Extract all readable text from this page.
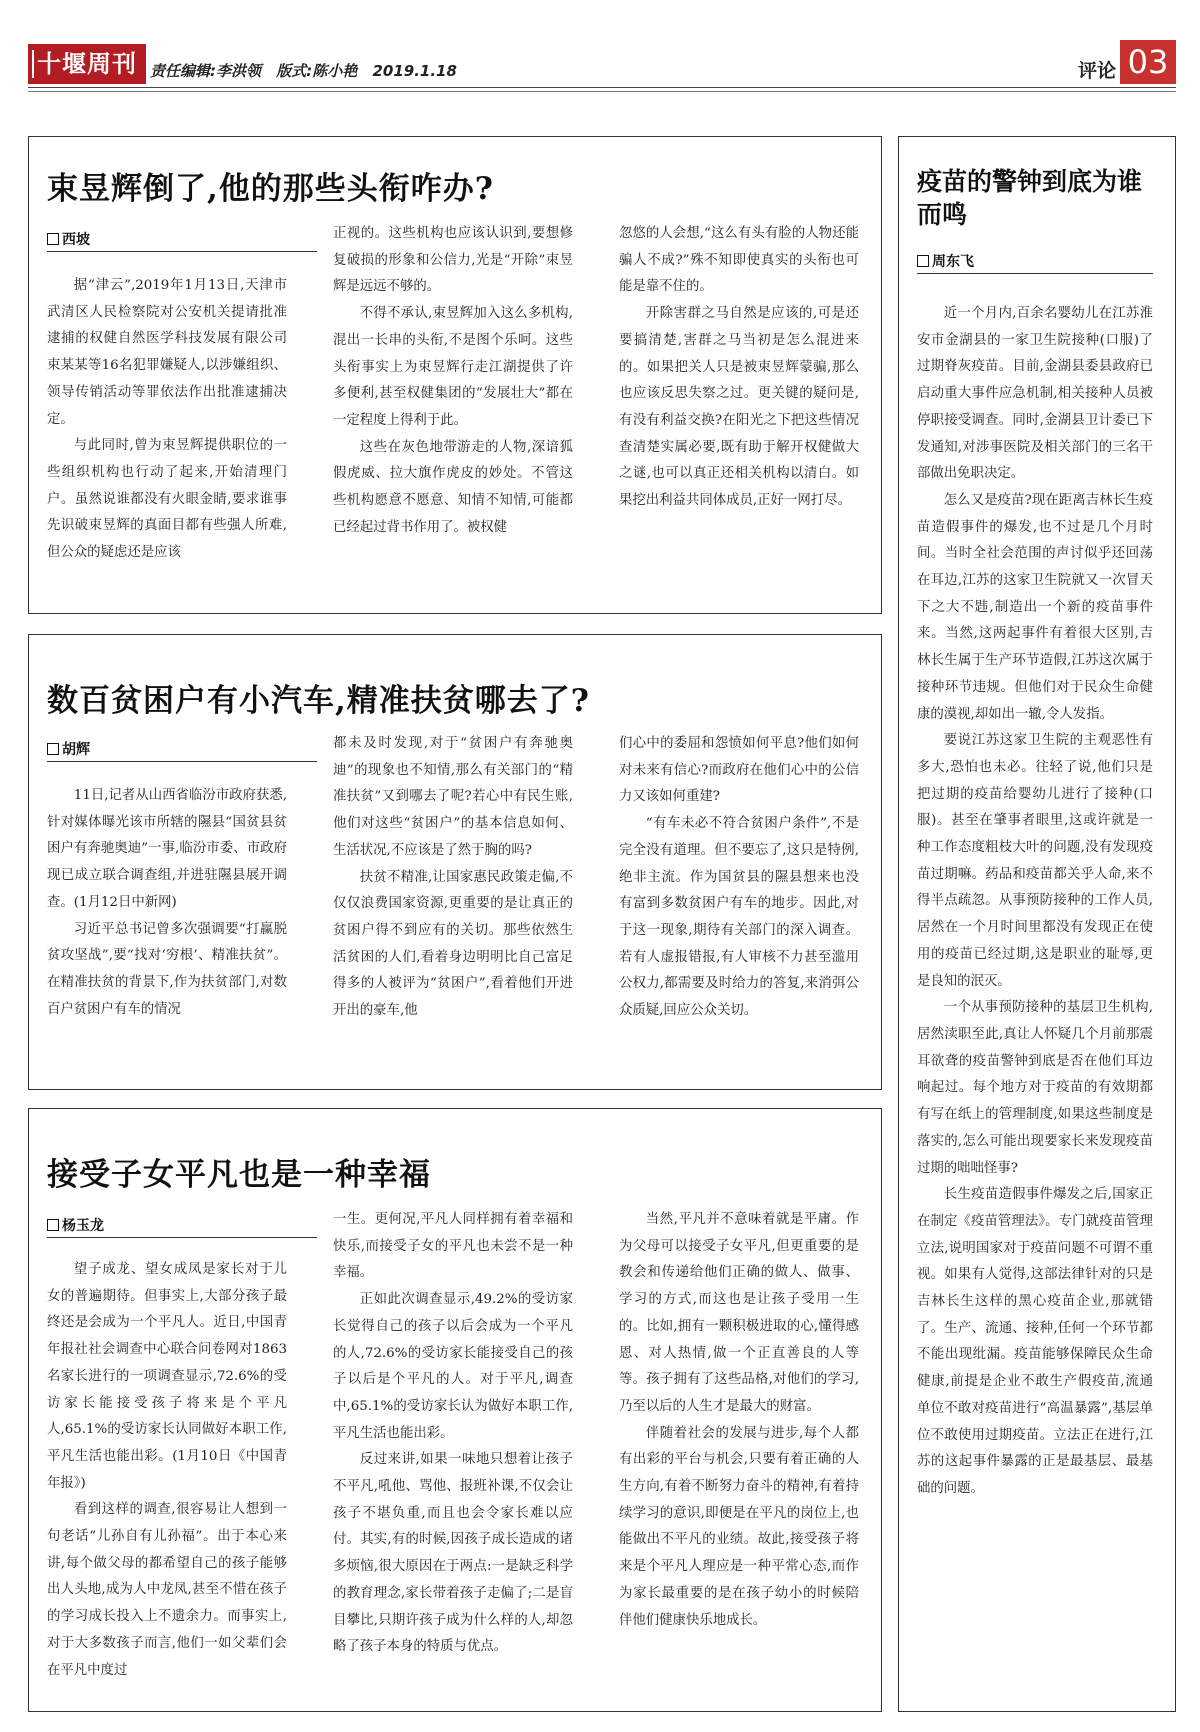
十堰周刊 责任编辑:李洪领 版式:陈小艳 2019.1.18	评论 03
束昱辉倒了,他的那些头衔咋办?
西坡

据“津云”,2019年1月13日,天津市武清区人民检察院对公安机关提请批准逮捕的权健自然医学科技发展有限公司束某某等16名犯罪嫌疑人,以涉嫌组织、领导传销活动等罪依法作出批准逮捕决定。

与此同时,曾为束昱辉提供职位的一些组织机构也行动了起来,开始清理门户。虽然说谁都没有火眼金睛,要求谁事先识破束昱辉的真面目都有些强人所难,但公众的疑虑还是应该

正视的。这些机构也应该认识到,要想修复破损的形象和公信力,光是“开除”束昱辉是远远不够的。

不得不承认,束昱辉加入这么多机构,混出一长串的头衔,不是图个乐呵。这些头衔事实上为束昱辉行走江湖提供了许多便利,甚至权健集团的“发展壮大”都在一定程度上得利于此。

这些在灰色地带游走的人物,深谙狐假虎威、拉大旗作虎皮的妙处。不管这些机构愿意不愿意、知情不知情,可能都已经起过背书作用了。被权健

忽悠的人会想,“这么有头有脸的人物还能骗人不成?”殊不知即使真实的头衔也可能是靠不住的。

开除害群之马自然是应该的,可是还要搞清楚,害群之马当初是怎么混进来的。如果把关人只是被束昱辉蒙骗,那么也应该反思失察之过。更关键的疑问是,有没有利益交换?在阳光之下把这些情况查清楚实属必要,既有助于解开权健做大之谜,也可以真正还相关机构以清白。如果挖出利益共同体成员,正好一网打尽。

数百贫困户有小汽车,精准扶贫哪去了?
胡辉

11日,记者从山西省临汾市政府获悉,针对媒体曝光该市所辖的隰县“国贫县贫困户有奔驰奥迪”一事,临汾市委、市政府现已成立联合调查组,并进驻隰县展开调查。(1月12日中新网)

习近平总书记曾多次强调要“打赢脱贫攻坚战”,要“找对‘穷根’、精准扶贫”。在精准扶贫的背景下,作为扶贫部门,对数百户贫困户有车的情况

都未及时发现,对于“贫困户有奔驰奥迪”的现象也不知情,那么有关部门的“精准扶贫”又到哪去了呢?若心中有民生账,他们对这些“贫困户”的基本信息如何、生活状况,不应该是了然于胸的吗?

扶贫不精准,让国家惠民政策走偏,不仅仅浪费国家资源,更重要的是让真正的贫困户得不到应有的关切。那些依然生活贫困的人们,看着身边明明比自己富足得多的人被评为“贫困户”,看着他们开进开出的豪车,他

们心中的委屈和怨愤如何平息?他们如何对未来有信心?而政府在他们心中的公信力又该如何重建?

“有车未必不符合贫困户条件”,不是完全没有道理。但不要忘了,这只是特例,绝非主流。作为国贫县的隰县想来也没有富到多数贫困户有车的地步。因此,对于这一现象,期待有关部门的深入调查。若有人虚报错报,有人审核不力甚至滥用公权力,都需要及时给力的答复,来消弭公众质疑,回应公众关切。

接受子女平凡也是一种幸福
杨玉龙

望子成龙、望女成凤是家长对于儿女的普遍期待。但事实上,大部分孩子最终还是会成为一个平凡人。近日,中国青年报社社会调查中心联合问卷网对1863名家长进行的一项调查显示,72.6%的受访家长能接受孩子将来是个平凡人,65.1%的受访家长认同做好本职工作,平凡生活也能出彩。(1月10日《中国青年报》)

看到这样的调查,很容易让人想到一句老话“儿孙自有儿孙福”。出于本心来讲,每个做父母的都希望自己的孩子能够出人头地,成为人中龙凤,甚至不惜在孩子的学习成长投入上不遗余力。而事实上,对于大多数孩子而言,他们一如父辈们会在平凡中度过

一生。更何况,平凡人同样拥有着幸福和快乐,而接受子女的平凡也未尝不是一种幸福。

正如此次调查显示,49.2%的受访家长觉得自己的孩子以后会成为一个平凡的人,72.6%的受访家长能接受自己的孩子以后是个平凡的人。对于平凡,调查中,65.1%的受访家长认为做好本职工作,平凡生活也能出彩。

反过来讲,如果一味地只想着让孩子不平凡,吼他、骂他、报班补课,不仅会让孩子不堪负重,而且也会令家长难以应付。其实,有的时候,因孩子成长造成的诸多烦恼,很大原因在于两点:一是缺乏科学的教育理念,家长带着孩子走偏了;二是盲目攀比,只期许孩子成为什么样的人,却忽略了孩子本身的特质与优点。

当然,平凡并不意味着就是平庸。作为父母可以接受子女平凡,但更重要的是教会和传递给他们正确的做人、做事、学习的方式,而这也是让孩子受用一生的。比如,拥有一颗积极进取的心,懂得感恩、对人热情,做一个正直善良的人等等。孩子拥有了这些品格,对他们的学习,乃至以后的人生才是最大的财富。

伴随着社会的发展与进步,每个人都有出彩的平台与机会,只要有着正确的人生方向,有着不断努力奋斗的精神,有着持续学习的意识,即便是在平凡的岗位上,也能做出不平凡的业绩。故此,接受孩子将来是个平凡人理应是一种平常心态,而作为家长最重要的是在孩子幼小的时候陪伴他们健康快乐地成长。

疫苗的警钟到底为谁而鸣
周东飞

近一个月内,百余名婴幼儿在江苏淮安市金湖县的一家卫生院接种(口服)了过期脊灰疫苗。目前,金湖县委县政府已启动重大事件应急机制,相关接种人员被停职接受调查。同时,金湖县卫计委已下发通知,对涉事医院及相关部门的三名干部做出免职决定。

怎么又是疫苗?现在距离吉林长生疫苗造假事件的爆发,也不过是几个月时间。当时全社会范围的声讨似乎还回荡在耳边,江苏的这家卫生院就又一次冒天下之大不韪,制造出一个新的疫苗事件来。当然,这两起事件有着很大区别,吉林长生属于生产环节造假,江苏这次属于接种环节违规。但他们对于民众生命健康的漠视,却如出一辙,令人发指。

要说江苏这家卫生院的主观恶性有多大,恐怕也未必。往轻了说,他们只是把过期的疫苗给婴幼儿进行了接种(口服)。甚至在肇事者眼里,这或许就是一种工作态度粗枝大叶的问题,没有发现疫苗过期嘛。药品和疫苗都关乎人命,来不得半点疏忽。从事预防接种的工作人员,居然在一个月时间里都没有发现正在使用的疫苗已经过期,这是职业的耻辱,更是良知的泯灭。

一个从事预防接种的基层卫生机构,居然渎职至此,真让人怀疑几个月前那震耳欲聋的疫苗警钟到底是否在他们耳边响起过。每个地方对于疫苗的有效期都有写在纸上的管理制度,如果这些制度是落实的,怎么可能出现要家长来发现疫苗过期的咄咄怪事?

长生疫苗造假事件爆发之后,国家正在制定《疫苗管理法》。专门就疫苗管理立法,说明国家对于疫苗问题不可谓不重视。如果有人觉得,这部法律针对的只是吉林长生这样的黑心疫苗企业,那就错了。生产、流通、接种,任何一个环节都不能出现纰漏。疫苗能够保障民众生命健康,前提是企业不敢生产假疫苗,流通单位不敢对疫苗进行“高温暴露”,基层单位不敢使用过期疫苗。立法正在进行,江苏的这起事件暴露的正是最基层、最基础的问题。
